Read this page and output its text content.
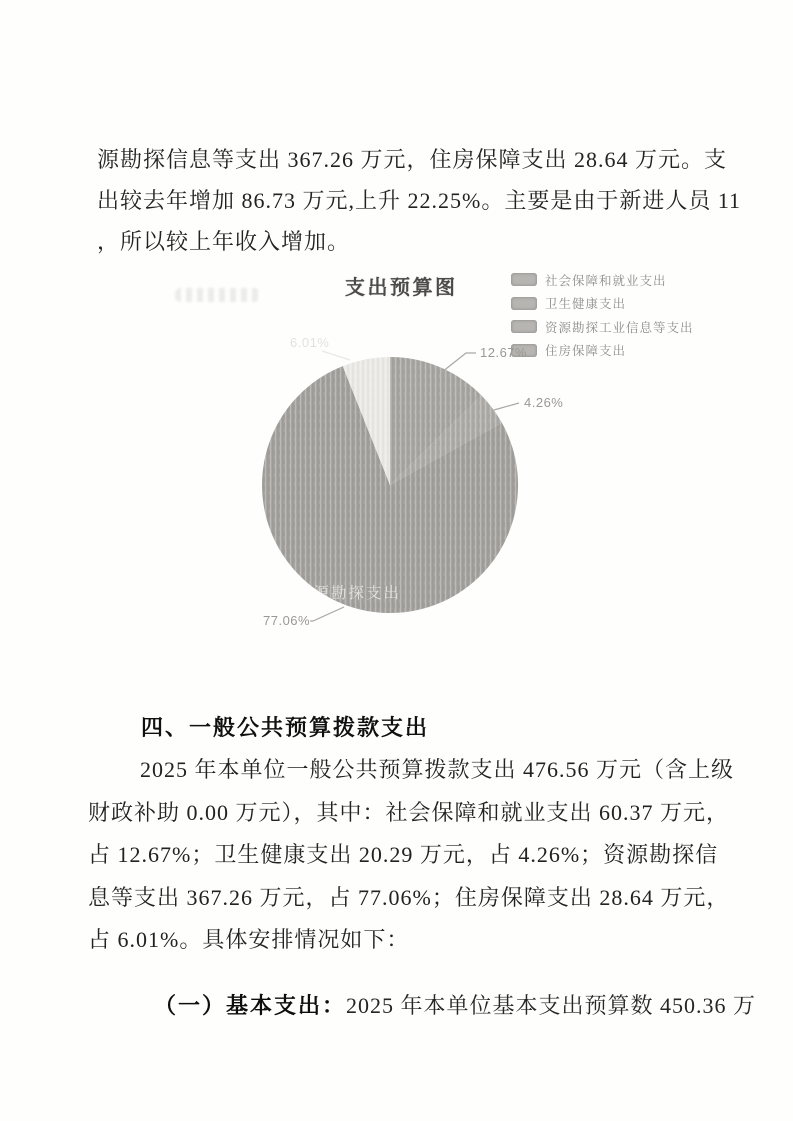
源勘探信息等支出 367.26 万元，住房保障支出 28.64 万元。支
出较去年增加 86.73 万元,上升 22.25%。主要是由于新进人员 11
，所以较上年收入增加。
支出预算图	社会保障和就业支出
卫生健康支出
资源勘探工业信息等支出
住房保障支出
资源勘探支出
12.67%
4.26%
77.06%
6.01%
四、一般公共预算拨款支出
2025 年本单位一般公共预算拨款支出 476.56 万元（含上级
财政补助 0.00 万元），其中：社会保障和就业支出 60.37 万元，
占 12.67%；卫生健康支出 20.29 万元，占 4.26%；资源勘探信
息等支出 367.26 万元，占 77.06%；住房保障支出 28.64 万元，
占 6.01%。具体安排情况如下：

（一）基本支出：2025 年本单位基本支出预算数 450.36 万
